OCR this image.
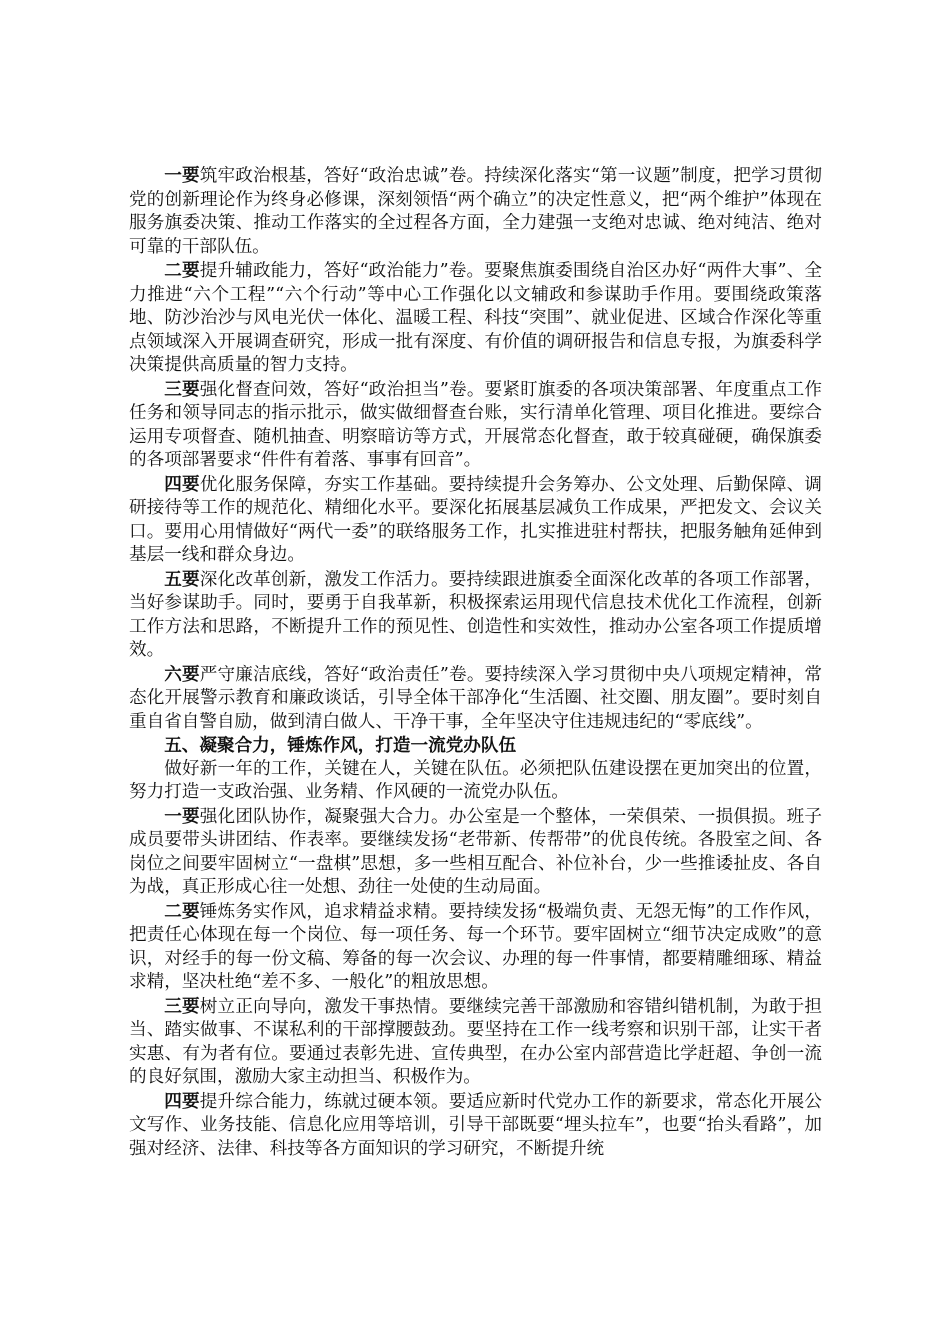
一要筑牢政治根基，答好“政治忠诚”卷。持续深化落实“第一议题”制度，把学习贯彻党的创新理论作为终身必修课，深刻领悟“两个确立”的决定性意义，把“两个维护”体现在服务旗委决策、推动工作落实的全过程各方面，全力建强一支绝对忠诚、绝对纯洁、绝对可靠的干部队伍。

二要提升辅政能力，答好“政治能力”卷。要聚焦旗委围绕自治区办好“两件大事”、全力推进“六个工程”“六个行动”等中心工作强化以文辅政和参谋助手作用。要围绕政策落地、防沙治沙与风电光伏一体化、温暖工程、科技“突围”、就业促进、区域合作深化等重点领域深入开展调查研究，形成一批有深度、有价值的调研报告和信息专报，为旗委科学决策提供高质量的智力支持。

三要强化督查问效，答好“政治担当”卷。要紧盯旗委的各项决策部署、年度重点工作任务和领导同志的指示批示，做实做细督查台账，实行清单化管理、项目化推进。要综合运用专项督查、随机抽查、明察暗访等方式，开展常态化督查，敢于较真碰硬，确保旗委的各项部署要求“件件有着落、事事有回音”。

四要优化服务保障，夯实工作基础。要持续提升会务筹办、公文处理、后勤保障、调研接待等工作的规范化、精细化水平。要深化拓展基层减负工作成果，严把发文、会议关口。要用心用情做好“两代一委”的联络服务工作，扎实推进驻村帮扶，把服务触角延伸到基层一线和群众身边。

五要深化改革创新，激发工作活力。要持续跟进旗委全面深化改革的各项工作部署，当好参谋助手。同时，要勇于自我革新，积极探索运用现代信息技术优化工作流程，创新工作方法和思路，不断提升工作的预见性、创造性和实效性，推动办公室各项工作提质增效。

六要严守廉洁底线，答好“政治责任”卷。要持续深入学习贯彻中央八项规定精神，常态化开展警示教育和廉政谈话，引导全体干部净化“生活圈、社交圈、朋友圈”。要时刻自重自省自警自励，做到清白做人、干净干事，全年坚决守住违规违纪的“零底线”。

五、凝聚合力，锤炼作风，打造一流党办队伍

做好新一年的工作，关键在人，关键在队伍。必须把队伍建设摆在更加突出的位置，努力打造一支政治强、业务精、作风硬的一流党办队伍。

一要强化团队协作，凝聚强大合力。办公室是一个整体，一荣俱荣、一损俱损。班子成员要带头讲团结、作表率。要继续发扬“老带新、传帮带”的优良传统。各股室之间、各岗位之间要牢固树立“一盘棋”思想，多一些相互配合、补位补台，少一些推诿扯皮、各自为战，真正形成心往一处想、劲往一处使的生动局面。

二要锤炼务实作风，追求精益求精。要持续发扬“极端负责、无怨无悔”的工作作风，把责任心体现在每一个岗位、每一项任务、每一个环节。要牢固树立“细节决定成败”的意识，对经手的每一份文稿、筹备的每一次会议、办理的每一件事情，都要精雕细琢、精益求精，坚决杜绝“差不多、一般化”的粗放思想。

三要树立正向导向，激发干事热情。要继续完善干部激励和容错纠错机制，为敢于担当、踏实做事、不谋私利的干部撑腰鼓劲。要坚持在工作一线考察和识别干部，让实干者实惠、有为者有位。要通过表彰先进、宣传典型，在办公室内部营造比学赶超、争创一流的良好氛围，激励大家主动担当、积极作为。

四要提升综合能力，练就过硬本领。要适应新时代党办工作的新要求，常态化开展公文写作、业务技能、信息化应用等培训，引导干部既要“埋头拉车”，也要“抬头看路”，加强对经济、法律、科技等各方面知识的学习研究，不断提升统
